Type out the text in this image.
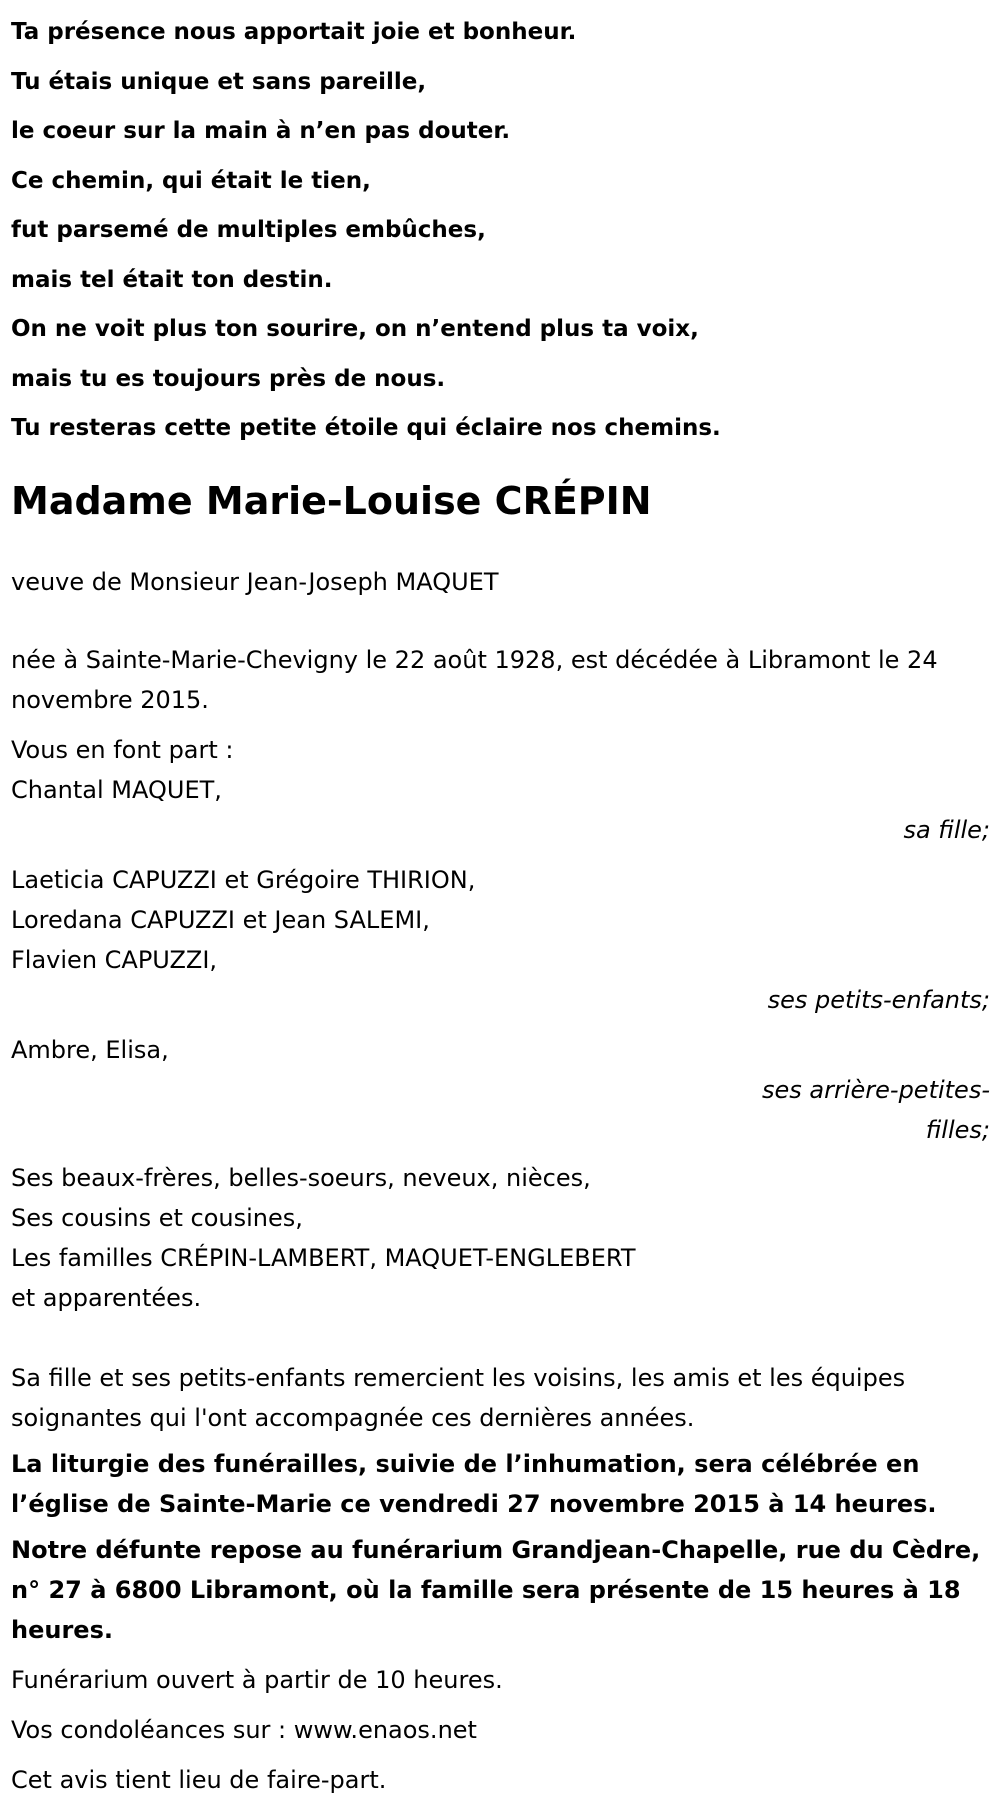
Ta présence nous apportait joie et bonheur.
Tu étais unique et sans pareille,
le coeur sur la main à n’en pas douter.
Ce chemin, qui était le tien,
fut parsemé de multiples embûches,
mais tel était ton destin.
On ne voit plus ton sourire, on n’entend plus ta voix,
mais tu es toujours près de nous.
Tu resteras cette petite étoile qui éclaire nos chemins.
Madame Marie-Louise CRÉPIN

veuve de Monsieur Jean-Joseph MAQUET

née à Sainte-Marie-Chevigny le 22 août 1928, est décédée à Libramont le 24 novembre 2015.

Vous en font part :

Chantal MAQUET,

sa fille;

Laeticia CAPUZZI et Grégoire THIRION,

Loredana CAPUZZI et Jean SALEMI,

Flavien CAPUZZI,

ses petits-enfants;

Ambre, Elisa,

ses arrière-petites-filles;

Ses beaux-frères, belles-soeurs, neveux, nièces,

Ses cousins et cousines,

Les familles CRÉPIN-LAMBERT, MAQUET-ENGLEBERT

et apparentées.

Sa fille et ses petits-enfants remercient les voisins, les amis et les équipes soignantes qui l'ont accompagnée ces dernières années.

La liturgie des funérailles, suivie de l’inhumation, sera célébrée en l’église de Sainte-Marie ce vendredi 27 novembre 2015 à 14 heures.

Notre défunte repose au funérarium Grandjean-Chapelle, rue du Cèdre, n° 27 à 6800 Libramont, où la famille sera présente de 15 heures à 18 heures.

Funérarium ouvert à partir de 10 heures.

Vos condoléances sur : www.enaos.net

Cet avis tient lieu de faire-part.
